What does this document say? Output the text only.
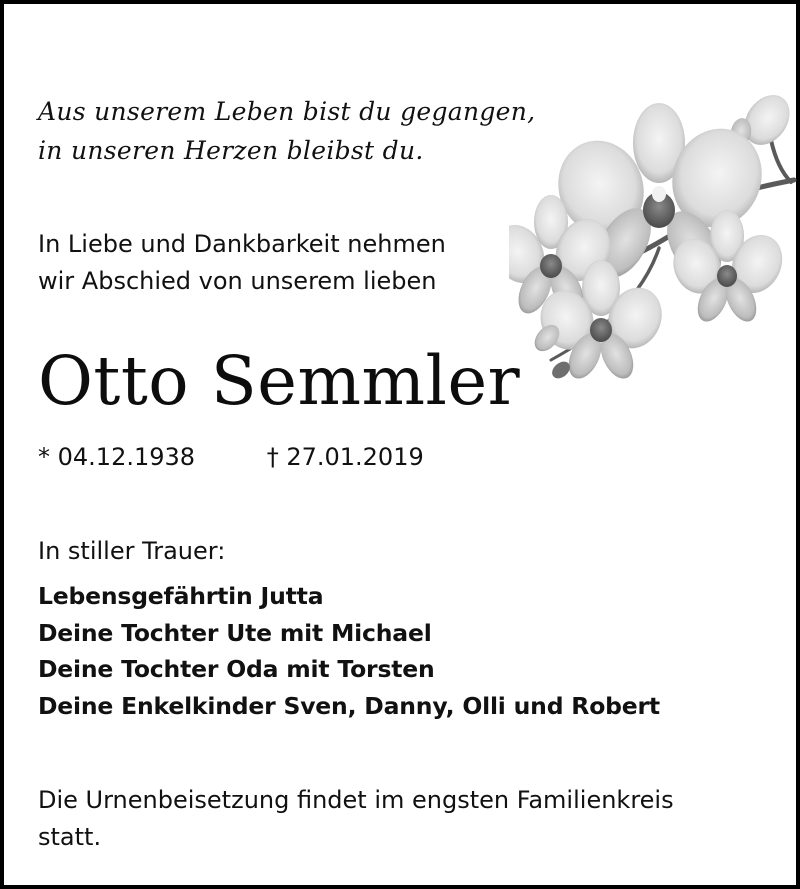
Aus unserem Leben bist du gegangen,
in unseren Herzen bleibst du.
In Liebe und Dankbarkeit nehmen
wir Abschied von unserem lieben
Otto Semmler
* 04.12.1938	† 27.01.2019
In stiller Trauer:
Lebensgefährtin Jutta
Deine Tochter Ute mit Michael
Deine Tochter Oda mit Torsten
Deine Enkelkinder Sven, Danny, Olli und Robert
Die Urnenbeisetzung findet im engsten Familienkreis
statt.
